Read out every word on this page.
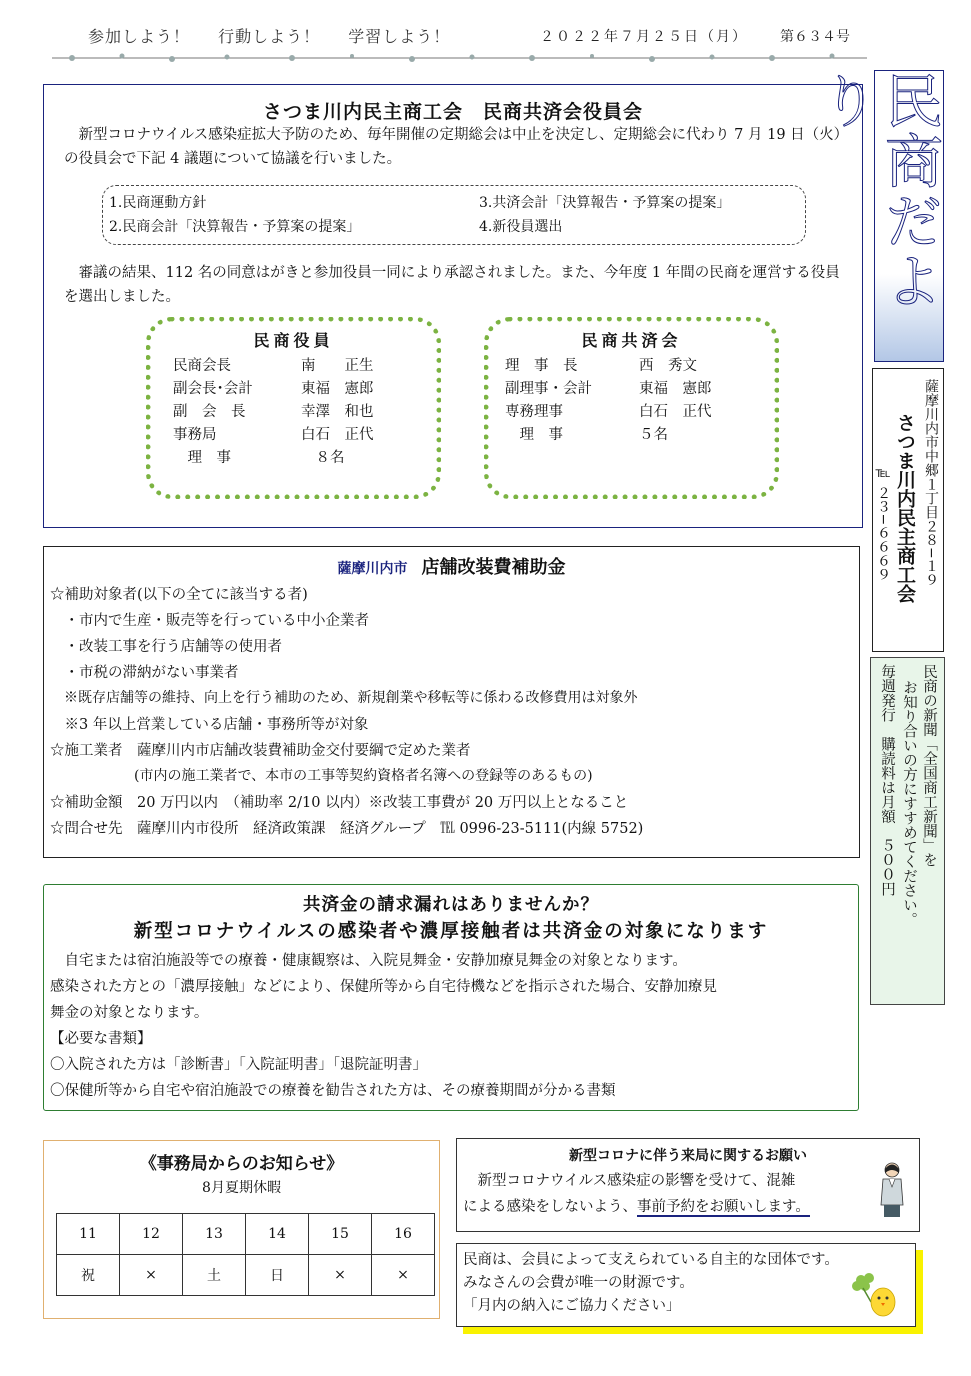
参加しよう！ 行動しよう！ 学習しよう！	２０２２年７月２５日（月） 第６３４号
さつま川内民主商工会　民商共済会役員会
　新型コロナウイルス感染症拡大予防のため、毎年開催の定期総会は中止を決定し、定期総会に代わり 7 月 19 日（火）の役員会で下記 4 議題について協議を行いました。
1.民商運動方針
2.民商会計「決算報告・予算案の提案」
3.共済会計「決算報告・予算案の提案」
4.新役員選出
　審議の結果、112 名の同意はがきと参加役員一同により承認されました。また、今年度 1 年間の民商を運営する役員を選出しました。
民商役員
民商会長	南　　正生
副会長･会計	東福　憲郎
副　会　長	幸澤　和也
事務局	白石　正代
　理　事	　８名
民商共済会
理　事　長	西　秀文
副理事・会計	東福　憲郎
専務理事	白石　正代
　理　事	５名
薩摩川内市 店舗改装費補助金
☆補助対象者(以下の全てに該当する者)
　・市内で生産・販売等を行っている中小企業者
　・改装工事を行う店舗等の使用者
　・市税の滞納がない事業者
　※既存店舗等の維持、向上を行う補助のため、新規創業や移転等に係わる改修費用は対象外
　※3 年以上営業している店舗・事務所等が対象
☆施工業者　薩摩川内市店舗改装費補助金交付要綱で定めた業者
　　　　　　(市内の施工業者で、本市の工事等契約資格者名簿への登録等のあるもの)
☆補助金額　20 万円以内　（補助率 2/10 以内）※改装工事費が 20 万円以上となること
☆問合せ先　薩摩川内市役所　経済政策課　経済グループ　℡ 0996-23-5111(内線 5752)
共済金の請求漏れはありませんか？
新型コロナウイルスの感染者や濃厚接触者は共済金の対象になります
　自宅または宿泊施設等での療養・健康観察は、入院見舞金・安静加療見舞金の対象となります。
感染された方との「濃厚接触」などにより、保健所等から自宅待機などを指示された場合、安静加療見
舞金の対象となります。
【必要な書類】
〇入院された方は「診断書」「入院証明書」「退院証明書」
〇保健所等から自宅や宿泊施設での療養を勧告された方は、その療養期間が分かる書類
《事務局からのお知らせ》
8月夏期休暇
11	12	13	14	15	16
祝	×	土	日	×	×
新型コロナに伴う来局に関するお願い
　新型コロナウイルス感染症の影響を受けて、混雑
による感染をしないよう、事前予約をお願いします。
民商は、会員によって支えられている自主的な団体です。
みなさんの会費が唯一の財源です。
「月内の納入にご協力ください」
民商だより
薩摩川内市中郷１丁目２８−１９
さつま川内民主商工会
℡ ２３−６６６９
民商の新聞「全国商工新聞」を
お知り合いの方にすすめてください。
毎週発行　購読料は月額　５００円
